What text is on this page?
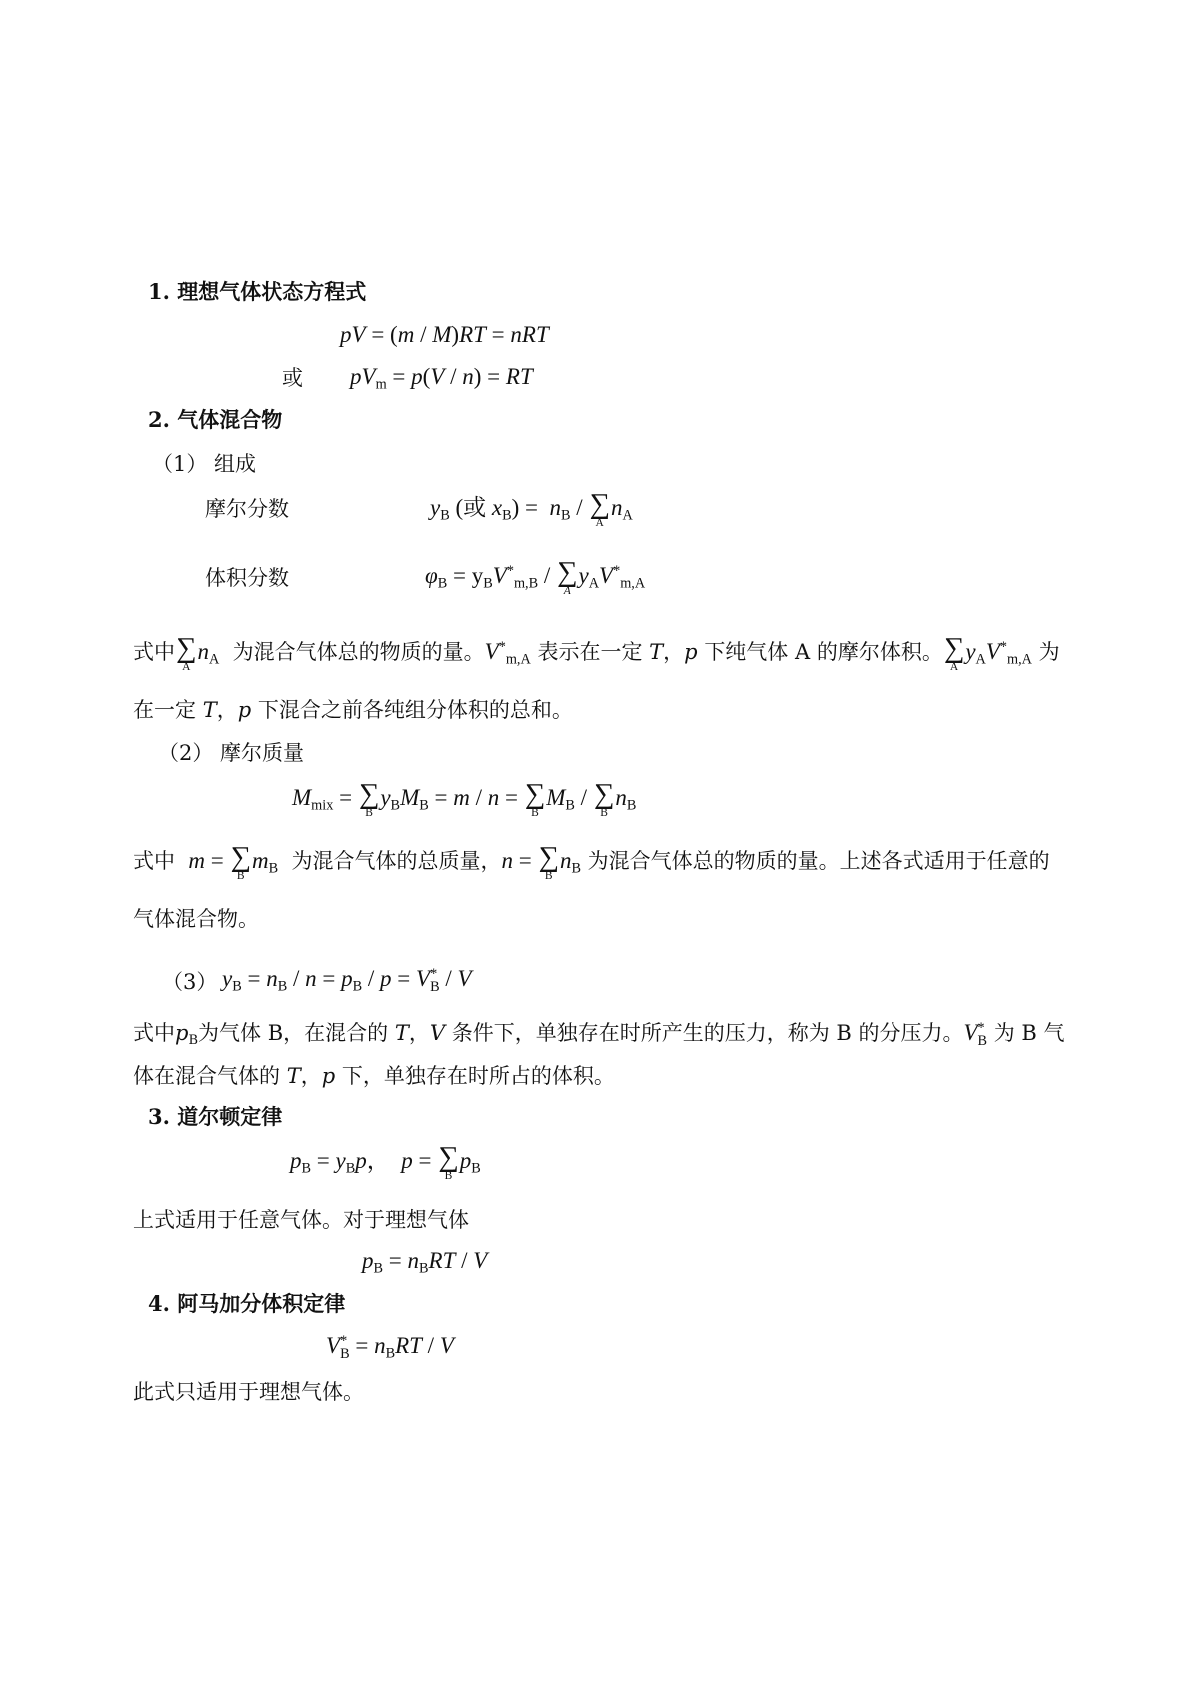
1. 理想气体状态方程式
pV = (m / M)RT = nRT
或 $pV_m = p(V / n)$ = RT
2. 气体混合物
（1） 组成
摩尔分数	$y_B$ (或 $x_B) = n_B$ / ∑
A
$n_A$
体积分数	$\varphi_B = y_BV^*_{m,B}$ / ∑
A
$y_AV^*_{m,A}$
式中 ∑
A
$n_A$ 为混合气体总的物质的量。$V^*_{m,A}$ 表示在一定 T，p 下纯气体 A 的摩尔体积。 ∑
A
$y_AV^*_{m,A}$ 为
在一定 T，p 下混合之前各纯组分体积的总和。
（2） 摩尔质量
$M_{mix}$ = ∑
B
$y_BM_B = m / n$ = ∑
B
$M_B$ / ∑
B
$n_B$
式中 m = ∑
B
$m_B$ 为混合气体的总质量，n = ∑
B
$n_B$ 为混合气体总的物质的量。上述各式适用于任意的
气体混合物。
（3） $y_B = n_B / n = p_B / p = V^*_B / V$
式中$p_B$为气体 B，在混合的 T，V 条件下，单独存在时所产生的压力，称为 B 的分压力。$V^*_B$ 为 B 气
体在混合气体的 T，p 下，单独存在时所占的体积。
3. 道尔顿定律
$p_B = y_Bp$，  p = ∑
B
$p_B$
上式适用于任意气体。对于理想气体
$p_B = n_BRT / V$
4. 阿马加分体积定律
$V^*_B = n_BRT / V$
此式只适用于理想气体。
